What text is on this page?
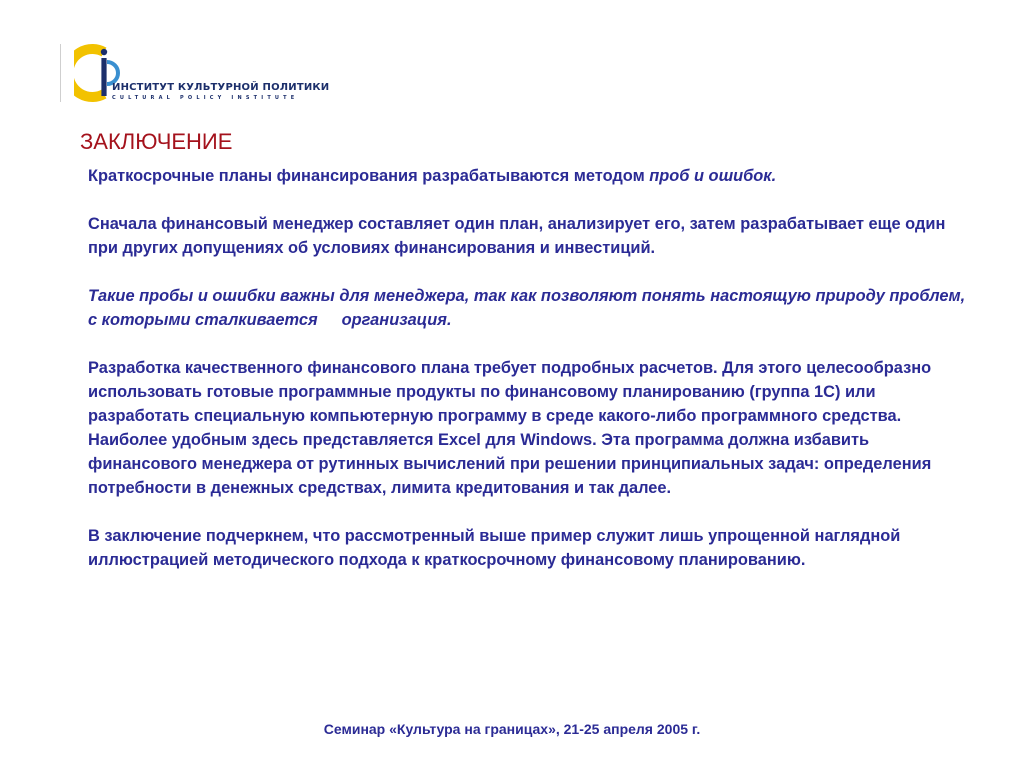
ИНСТИТУТ КУЛЬТУРНОЙ ПОЛИТИКИ
CULTURAL POLICY INSTITUTE
ЗАКЛЮЧЕНИЕ

Краткосрочные планы финансирования разрабатываются методом проб и ошибок.

Сначала финансовый менеджер составляет один план, анализирует его, затем разрабатывает еще один при других допущениях об условиях финансирования и инвестиций.

Такие пробы и ошибки важны для менеджера, так как позволяют понять настоящую природу проблем, с которыми сталкивается организация.

Разработка качественного финансового плана требует подробных расчетов. Для этого целесообразно использовать готовые программные продукты по финансовому планированию (группа 1С) или разработать специальную компьютерную программу в среде какого-либо программного средства. Наиболее удобным здесь представляется Excel для Windows. Эта программа должна избавить финансового менеджера от рутинных вычислений при решении принципиальных задач: определения потребности в денежных средствах, лимита кредитования и так далее.

В заключение подчеркнем, что рассмотренный выше пример служит лишь упрощенной наглядной иллюстрацией методического подхода к краткосрочному финансовому планированию.

Семинар «Культура на границах», 21-25 апреля 2005 г.
